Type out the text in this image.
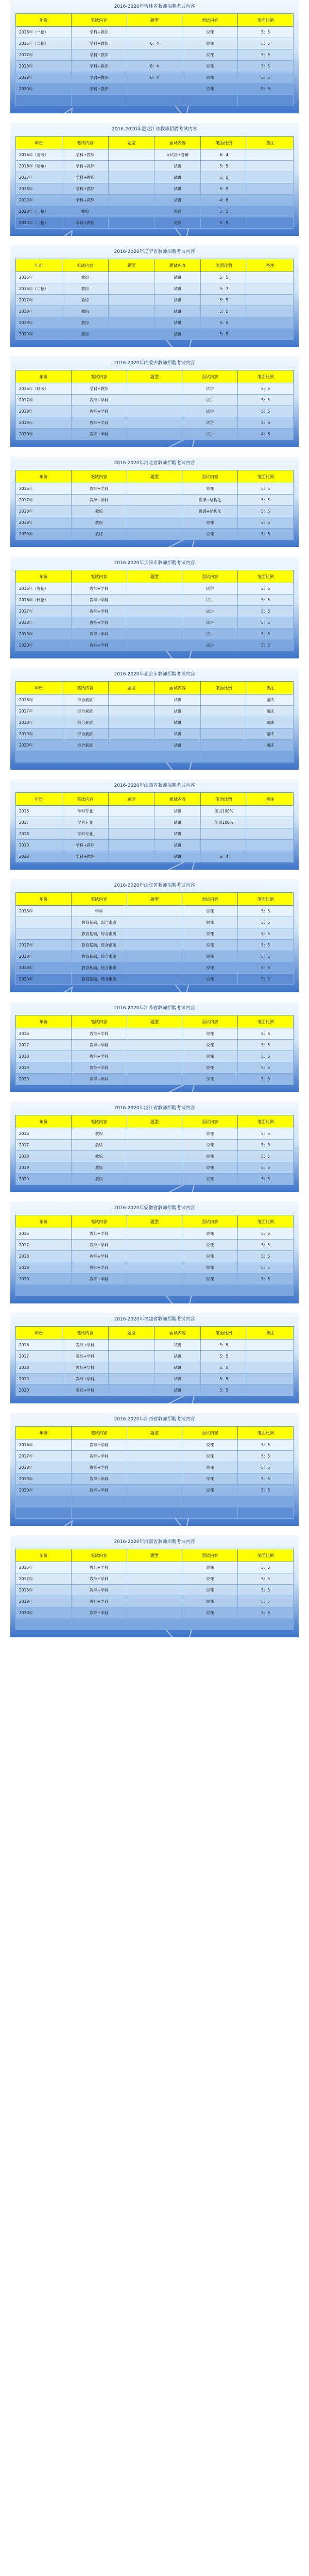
2016-2020年吉林省教师招聘考试内容
年份	笔试内容	题型	面试内容	笔面比例
2016年（一招）	学科+教综		说课	5：5
2016年（二招）	学科+教综	6：4	说课	5：5
2017年	学科+教综		说课	5：5
2018年	学科+教综	6：4	说课	5：5
2019年	学科+教综	6：4	说课	5：5
2020年	学科+教综		说课	5：5

2016-2020年黑龙江省教师招聘考试内容
年份	笔试内容	题型	面试内容	笔面比例	备注
2016年（省考）	学科+教综		>试讲+答辩	6：4	
2016年（哈市）	学科+教综		试讲	5：5	
2017年	学科+教综		试讲	5：5	
2018年	学科+教综		试讲	5：5	
2019年	学科+教综		试讲	4：6	
2020年（一招）	教综		说课	5：5	
2020年（二招）	学科+教综		说课	5：5	
2016-2020年辽宁省教师招聘考试内容
年份	笔试内容	题型	面试内容	笔面比例	备注
2016年	教综		试讲	5：5	
2016年（二招）	教综		试讲	5：7	
2017年	教综		试讲	5：5	
2018年	教综		试讲	5：5	
2019年	教综		试讲	5：5	
2020年	教综		试讲	5：5	
2016-2020年内蒙古教师招聘考试内容
年份	笔试内容	题型	面试内容	笔面比例
2016年（联考）	学科+教综		试讲	5：5
2017年	教综+学科		试讲	5：5
2018年	教综+学科		试讲	5：5
2019年	教综+学科		试讲	4：6
2020年	教综+学科		试讲	4：6
2016-2020年河北省教师招聘考试内容
年份	笔试内容	题型	面试内容	笔面比例
2016年	教综+学科		说课	5：5
2017年	教综+学科		说课+结构化	5：5
2018年	教综		说课+结构化	5：5
2019年	教综		说课	5：5
2020年	教综		说课	5：5
2016-2020年天津市教师招聘考试内容
年份	笔试内容	题型	面试内容	笔面比例
2016年（春招）	教综+学科		试讲	5：5
2016年（秋招）	教综+学科		试讲	5：5
2017年	教综+学科		试讲	5：5
2018年	教综+学科		试讲	5：5
2019年	教综+学科		试讲	5：5
2020年	教综+学科		试讲	5：5
2016-2020年北京市教师招聘考试内容
年份	笔试内容	题型	面试内容	笔面比例	备注
2016年	综合素质		试讲		面试
2017年	综合素质		试讲		面试
2018年	综合素质		试讲		面试
2019年	综合素质		试讲		面试
2020年	综合素质		试讲		面试

2016-2020年山西省教师招聘考试内容
年份	笔试内容	题型	面试内容	笔面比例	备注
2016	学科专业		试讲	笔试100%	
2017	学科专业		试讲	笔试100%	
2018	学科专业		试讲		
2019	学科+教综		试讲		
2020	学科+教综		试讲	6：4	
2016-2020年山东省教师招聘考试内容
年份	笔试内容	题型	面试内容	笔面比例
2016年	学科		说课	5：5
	教育基础，综合素质		说课	5：5
	教育基础，综合素质		说课	5：5
2017年	教育基础，综合素质		说课	5：5
2018年	教育基础，综合素质		说课	5：5
2019年	教育基础，综合素质		说课	5：5
2020年	教育基础，综合素质		说课	5：5
2016-2020年江苏省教师招聘考试内容
年份	笔试内容	题型	面试内容	笔面比例
2016	教综+学科		说课	5：5
2017	教综+学科		说课	5：5
2018	教综+学科		说课	5：5
2019	教综+学科		说课	5：5
2020	教综+学科		说课	5：5
2016-2020年浙江省教师招聘考试内容
年份	笔试内容	题型	面试内容	笔面比例
2016	教综		说课	5：5
2017	教综		说课	5：5
2018	教综		说课	5：5
2019	教综		说课	5：5
2020	教综		说课	5：5
2016-2020年安徽省教师招聘考试内容
年份	笔试内容	题型	面试内容	笔面比例
2016	教综+学科		说课	5：5
2017	教综+学科		说课	5：5
2018	教综+学科		说课	5：5
2019	教综+学科		说课	5：5
2020	教综+学科		说课	5：5

2016-2020年福建省教师招聘考试内容
年份	笔试内容	题型	面试内容	笔面比例	备注
2016	教综+学科		试讲	5：5	
2017	教综+学科		试讲	5：5	
2018	教综+学科		试讲	5：5	
2019	教综+学科		试讲	5：5	
2020	教综+学科		试讲	5：5	
2016-2020年江西省教师招聘考试内容
年份	笔试内容	题型	面试内容	笔面比例
2016年	教综+学科		说课	5：5
2017年	教综+学科		说课	5：5
2018年	教综+学科		说课	5：5
2019年	教综+学科		说课	5：5
2020年	教综+学科		说课	5：5

2016-2020年河南省教师招聘考试内容
年份	笔试内容	题型	面试内容	笔面比例
2016年	教综+学科		说课	5：5
2017年	教综+学科		说课	5：5
2018年	教综+学科		说课	5：5
2019年	教综+学科		说课	5：5
2020年	教综+学科		说课	5：5
